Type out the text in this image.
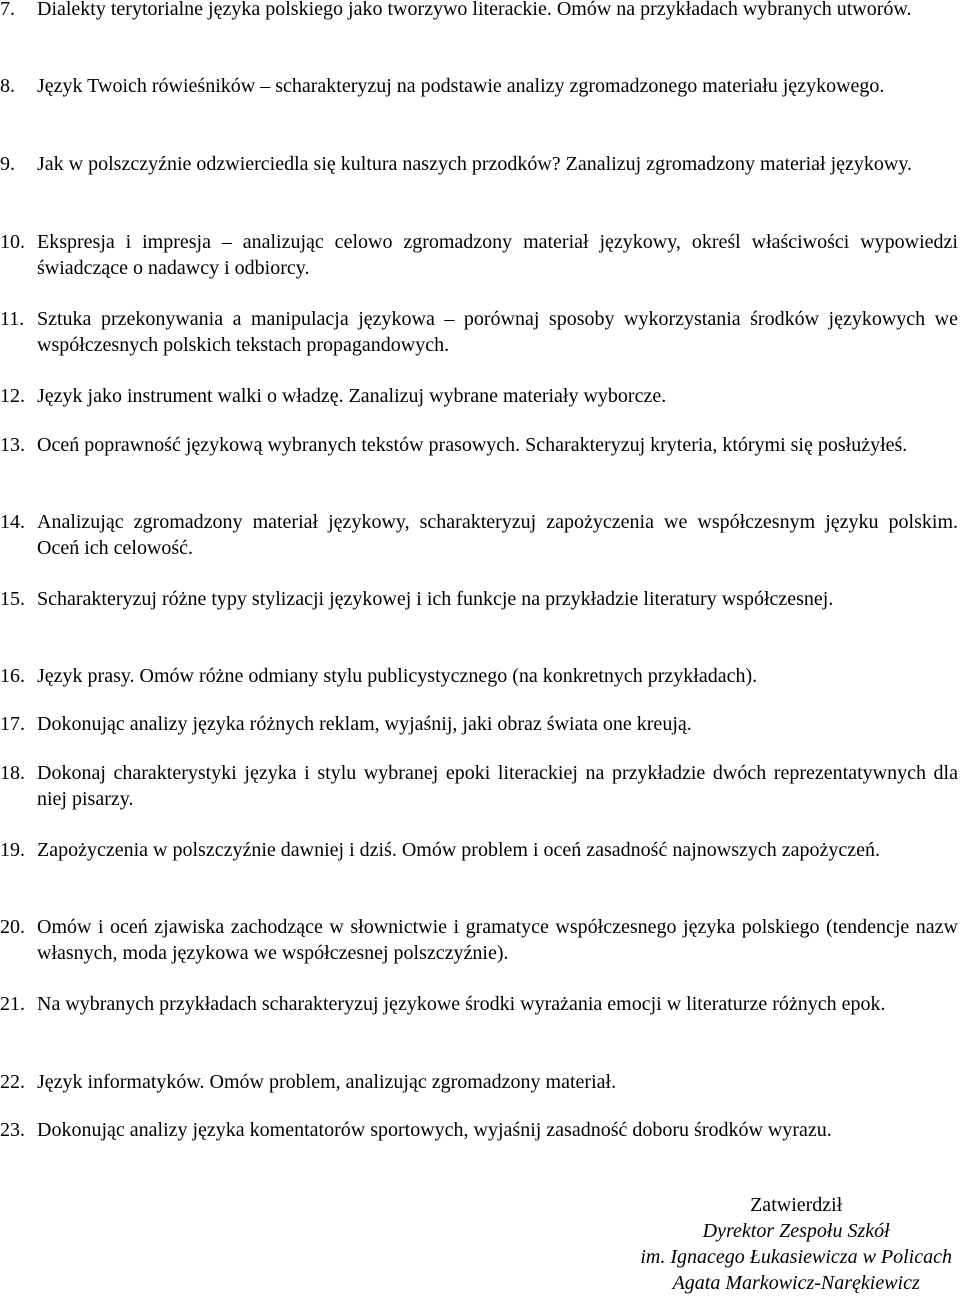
7.	Dialekty terytorialne języka polskiego jako tworzywo literackie. Omów na przykładach wybranych utworów.
8.	Język Twoich rówieśników – scharakteryzuj na podstawie analizy zgromadzonego materiału językowego.
9.	Jak w polszczyźnie odzwierciedla się kultura naszych przodków? Zanalizuj zgromadzony materiał językowy.
10. Ekspresja i impresja – analizując celowo zgromadzony materiał językowy, określ właściwości wypowiedzi świadczące o nadawcy i odbiorcy.
11. Sztuka przekonywania a manipulacja językowa – porównaj sposoby wykorzystania środków językowych we współczesnych polskich tekstach propagandowych.
12. Język jako instrument walki o władzę. Zanalizuj wybrane materiały wyborcze.
13. Oceń poprawność językową wybranych tekstów prasowych. Scharakteryzuj kryteria, którymi się posłużyłeś.
14. Analizując zgromadzony materiał językowy, scharakteryzuj zapożyczenia we współczesnym języku polskim. Oceń ich celowość.
15. Scharakteryzuj różne typy stylizacji językowej i ich funkcje na przykładzie literatury współczesnej.
16. Język prasy. Omów różne odmiany stylu publicystycznego (na konkretnych przykładach).
17. Dokonując analizy języka różnych reklam, wyjaśnij, jaki obraz świata one kreują.
18. Dokonaj charakterystyki języka i stylu wybranej epoki literackiej na przykładzie dwóch reprezentatywnych dla niej pisarzy.
19. Zapożyczenia w polszczyźnie dawniej i dziś. Omów problem i oceń zasadność najnowszych zapożyczeń.
20. Omów i oceń zjawiska zachodzące w słownictwie i gramatyce współczesnego języka polskiego (tendencje nazw własnych, moda językowa we współczesnej polszczyźnie).
21. Na wybranych przykładach scharakteryzuj językowe środki wyrażania emocji w literaturze różnych epok.
22. Język informatyków. Omów problem, analizując zgromadzony materiał.
23. Dokonując analizy języka komentatorów sportowych, wyjaśnij zasadność doboru środków wyrazu.
Zatwierdził
Dyrektor Zespołu Szkół
im. Ignacego Łukasiewicza w Policach
Agata Markowicz-Narękiewicz
